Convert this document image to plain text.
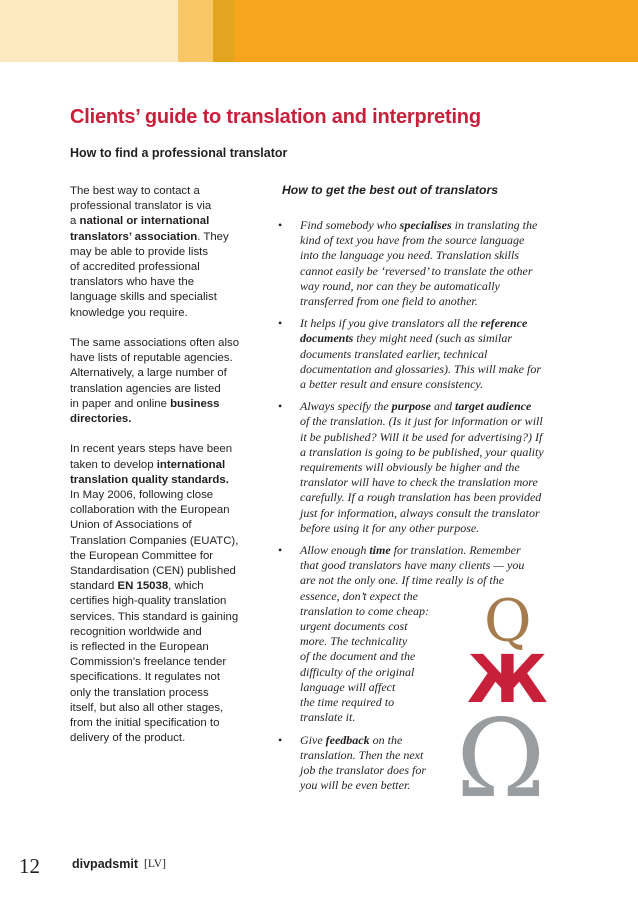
Clients’ guide to translation and interpreting
How to find a professional translator

The best way to contact a
professional translator is via
a national or international
translators’ association. They
may be able to provide lists
of accredited professional
translators who have the
language skills and specialist
knowledge you require.

The same associations often also
have lists of reputable agencies.
Alternatively, a large number of
translation agencies are listed
in paper and online business
directories.

In recent years steps have been
taken to develop international
translation quality standards.
In May 2006, following close
collaboration with the European
Union of Associations of
Translation Companies (EUATC),
the European Committee for
Standardisation (CEN) published
standard EN 15038, which
certifies high-quality translation
services. This standard is gaining
recognition worldwide and
is reflected in the European
Commission’s freelance tender
specifications. It regulates not
only the translation process
itself, but also all other stages,
from the initial specification to
delivery of the product.

How to get the best out of translators
• Find somebody who specialises in translating the
kind of text you have from the source language
into the language you need. Translation skills
cannot easily be ‘reversed’ to translate the other
way round, nor can they be automatically
transferred from one field to another.
• It helps if you give translators all the reference
documents they might need (such as similar
documents translated earlier, technical
documentation and glossaries). This will make for
a better result and ensure consistency.
• Always specify the purpose and target audience
of the translation. (Is it just for information or will
it be published? Will it be used for advertising?) If
a translation is going to be published, your quality
requirements will obviously be higher and the
translator will have to check the translation more
carefully. If a rough translation has been provided
just for information, always consult the translator
before using it for any other purpose.
• Allow enough time for translation. Remember
that good translators have many clients — you
are not the only one. If time really is of the
essence, don’t expect the
translation to come cheap:
urgent documents cost
more. The technicality
of the document and the
difficulty of the original
language will affect
the time required to
translate it.
• Give feedback on the
translation. Then the next
job the translator does for
you will be even better.
Q
Ж
Ω

12	divpadsmit [LV]
